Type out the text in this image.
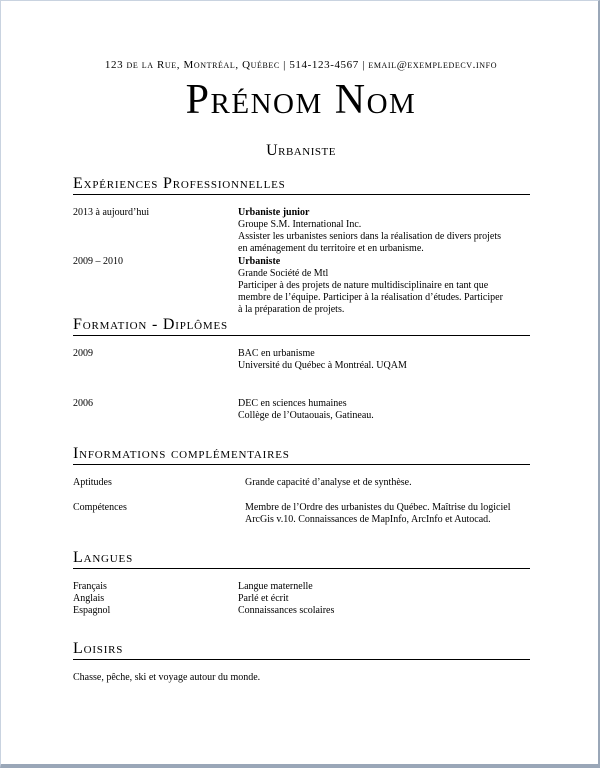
123 de la Rue, Montréal, Québec | 514-123-4567 | email@exempledecv.info
Prénom Nom
Urbaniste
Expériences Professionnelles
2013 à aujourd’hui	Urbaniste junior
Groupe S.M. International Inc.
Assister les urbanistes seniors dans la réalisation de divers projets
en aménagement du territoire et en urbanisme.
2009 – 2010	Urbaniste
Grande Société de Mtl
Participer à des projets de nature multidisciplinaire en tant que
membre de l’équipe. Participer à la réalisation d’études. Participer
à la préparation de projets.
Formation - Diplômes
2009	BAC en urbanisme
Université du Québec à Montréal. UQAM
2006	DEC en sciences humaines
Collège de l’Outaouais, Gatineau.
Informations complémentaires
Aptitudes	Grande capacité d’analyse et de synthèse.
Compétences	Membre de l’Ordre des urbanistes du Québec. Maîtrise du logiciel
ArcGis v.10. Connaissances de MapInfo, ArcInfo et Autocad.
Langues
Français	Langue maternelle
Anglais	Parlé et écrit
Espagnol	Connaissances scolaires
Loisirs
Chasse, pêche, ski et voyage autour du monde.
